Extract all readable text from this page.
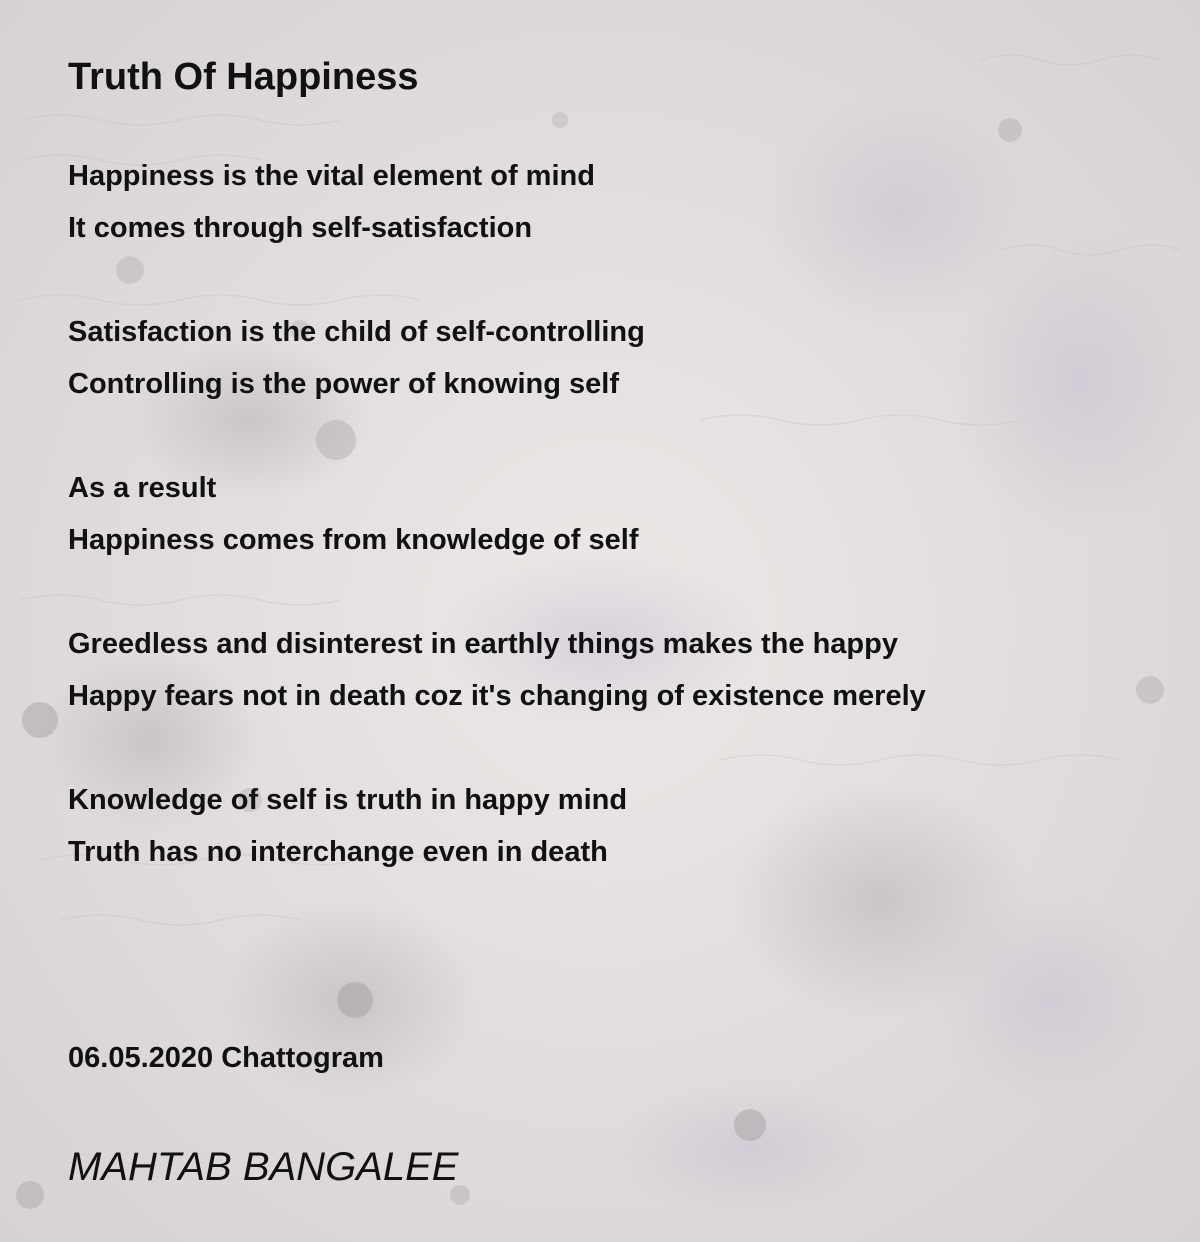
Truth Of Happiness
Happiness is the vital element of mind
It comes through self-satisfaction
Satisfaction is the child of self-controlling
Controlling is the power of knowing self
As a result
Happiness comes from knowledge of self
Greedless and disinterest in earthly things makes the happy
Happy fears not in death coz it's changing of existence merely
Knowledge of self is truth in happy mind
Truth has no interchange even in death

06.05.2020 Chattogram

MAHTAB BANGALEE
